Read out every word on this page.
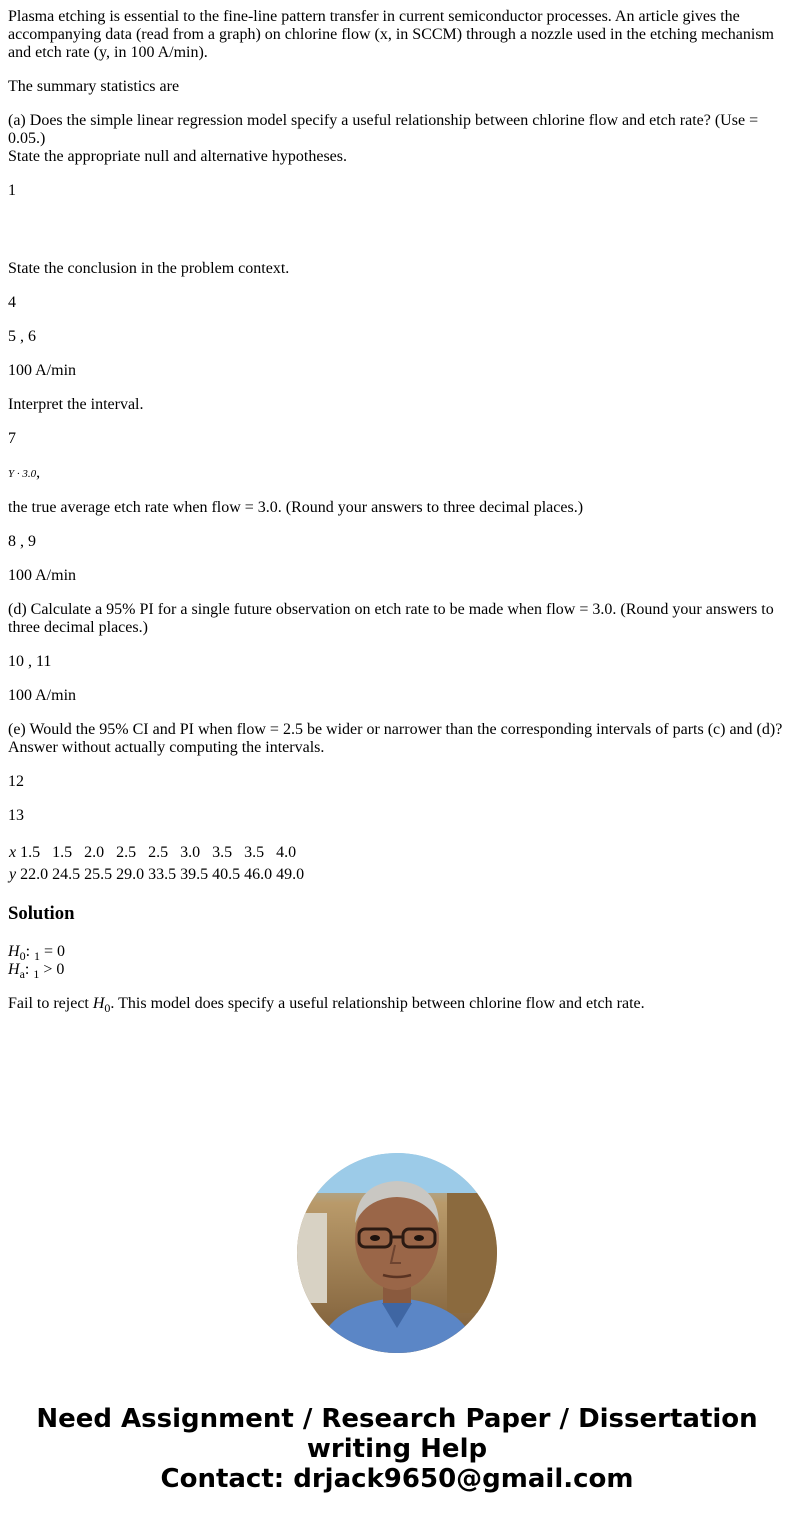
Plasma etching is essential to the fine-line pattern transfer in current semiconductor processes. An article gives the accompanying data (read from a graph) on chlorine flow (x, in SCCM) through a nozzle used in the etching mechanism and etch rate (y, in 100 A/min).

The summary statistics are

(a) Does the simple linear regression model specify a useful relationship between chlorine flow and etch rate? (Use = 0.05.)
State the appropriate null and alternative hypotheses.

1

State the conclusion in the problem context.

4

5 , 6

100 A/min

Interpret the interval.

7

Y · 3.0,

the true average etch rate when flow = 3.0. (Round your answers to three decimal places.)

8 , 9

100 A/min

(d) Calculate a 95% PI for a single future observation on etch rate to be made when flow = 3.0. (Round your answers to three decimal places.)

10 , 11

100 A/min

(e) Would the 95% CI and PI when flow = 2.5 be wider or narrower than the corresponding intervals of parts (c) and (d)? Answer without actually computing the intervals.

12

13

x	1.5	1.5	2.0	2.5	2.5	3.0	3.5	3.5	4.0
y	22.0	24.5	25.5	29.0	33.5	39.5	40.5	46.0	49.0
Solution

$H_0$: $_1$ = 0
$H_a$: $_1$ > 0

Fail to reject $H_0$. This model does specify a useful relationship between chlorine flow and etch rate.

Need Assignment / Research Paper / Dissertation
writing Help
Contact: drjack9650@gmail.com
